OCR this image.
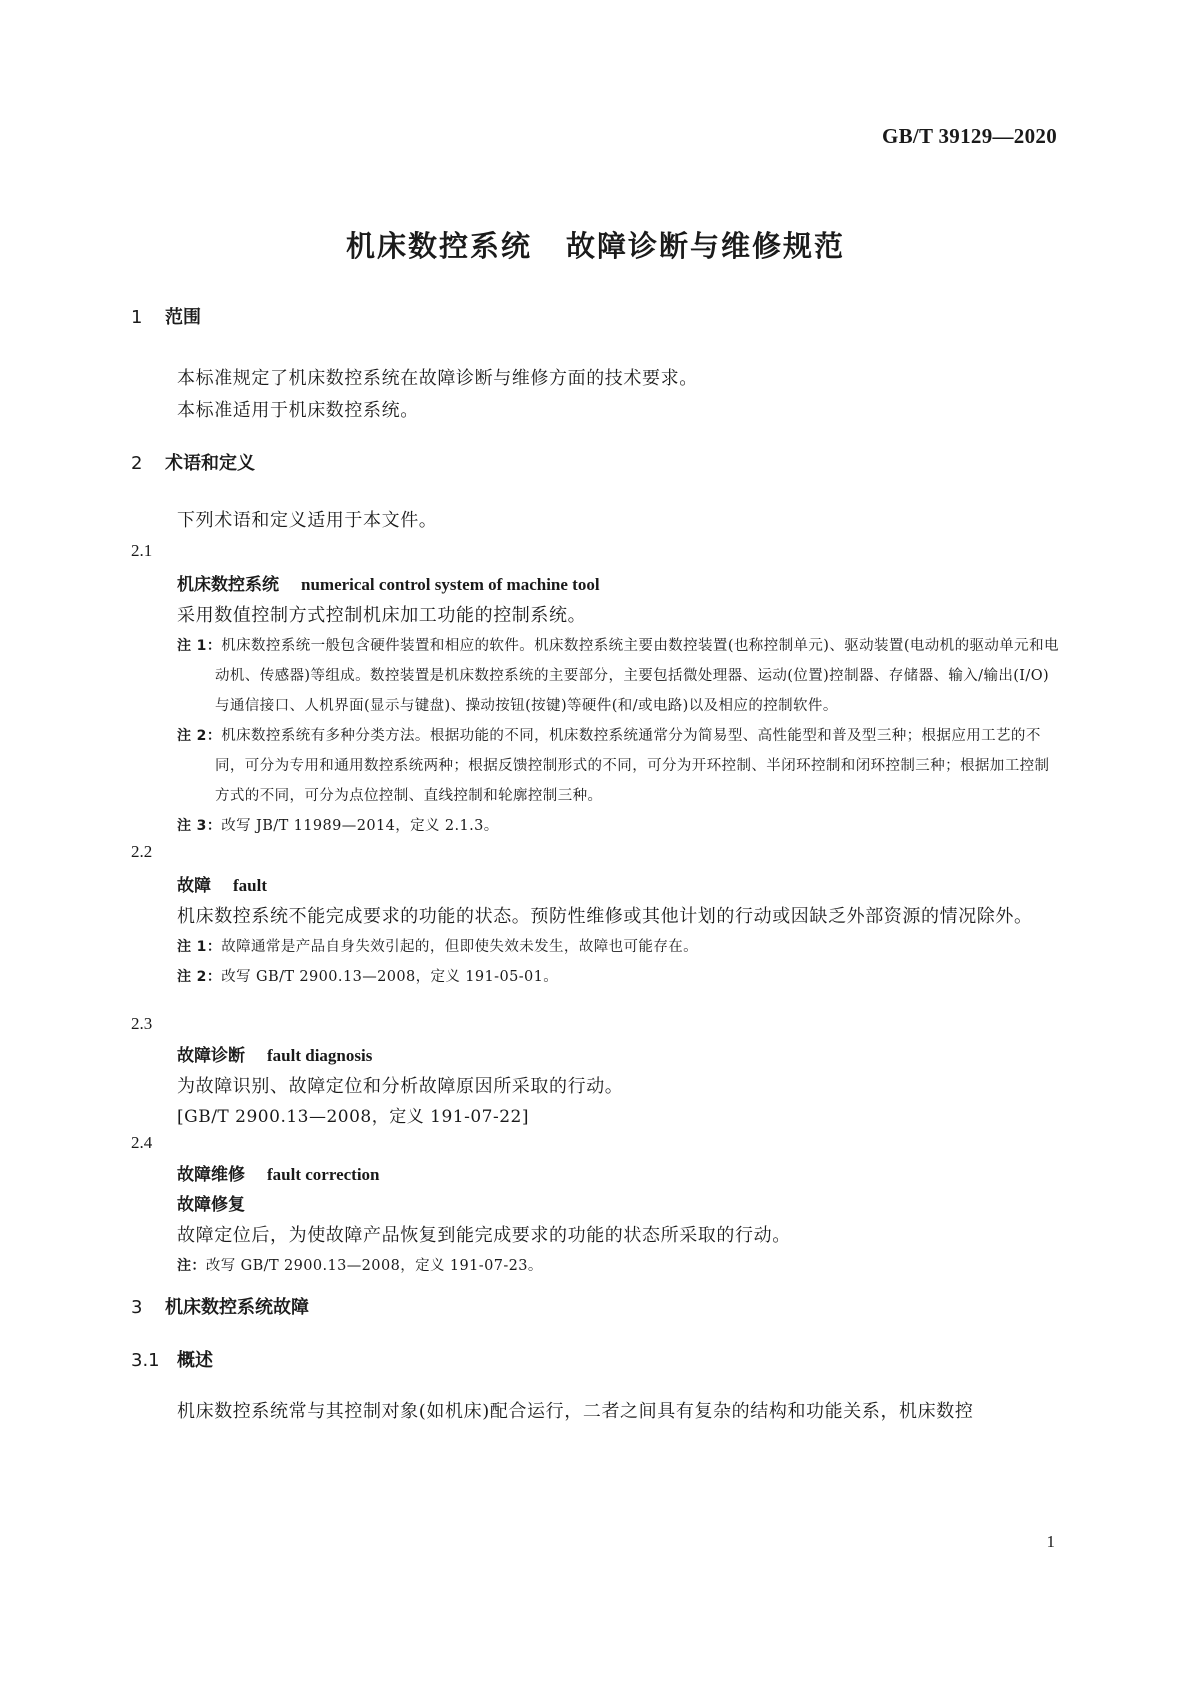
GB/T 39129—2020
机床数控系统 故障诊断与维修规范
1 范围

本标准规定了机床数控系统在故障诊断与维修方面的技术要求。

本标准适用于机床数控系统。

2 术语和定义

下列术语和定义适用于本文件。

2.1
机床数控系统 numerical control system of machine tool
采用数值控制方式控制机床加工功能的控制系统。
注 1：机床数控系统一般包含硬件装置和相应的软件。机床数控系统主要由数控装置(也称控制单元)、驱动装置(电动机的驱动单元和电动机、传感器)等组成。数控装置是机床数控系统的主要部分，主要包括微处理器、运动(位置)控制器、存储器、输入/输出(I/O)与通信接口、人机界面(显示与键盘)、操动按钮(按键)等硬件(和/或电路)以及相应的控制软件。
注 2：机床数控系统有多种分类方法。根据功能的不同，机床数控系统通常分为简易型、高性能型和普及型三种；根据应用工艺的不同，可分为专用和通用数控系统两种；根据反馈控制形式的不同，可分为开环控制、半闭环控制和闭环控制三种；根据加工控制方式的不同，可分为点位控制、直线控制和轮廓控制三种。
注 3：改写 JB/T 11989—2014，定义 2.1.3。
2.2
故障 fault

机床数控系统不能完成要求的功能的状态。预防性维修或其他计划的行动或因缺乏外部资源的情况除外。

注 1：故障通常是产品自身失效引起的，但即使失效未发生，故障也可能存在。
注 2：改写 GB/T 2900.13—2008，定义 191-05-01。
2.3
故障诊断 fault diagnosis
为故障识别、故障定位和分析故障原因所采取的行动。
[GB/T 2900.13—2008，定义 191-07-22]
2.4
故障维修 fault correction
故障修复
故障定位后，为使故障产品恢复到能完成要求的功能的状态所采取的行动。
注：改写 GB/T 2900.13—2008，定义 191-07-23。
3 机床数控系统故障
3.1 概述

机床数控系统常与其控制对象(如机床)配合运行，二者之间具有复杂的结构和功能关系，机床数控

1
